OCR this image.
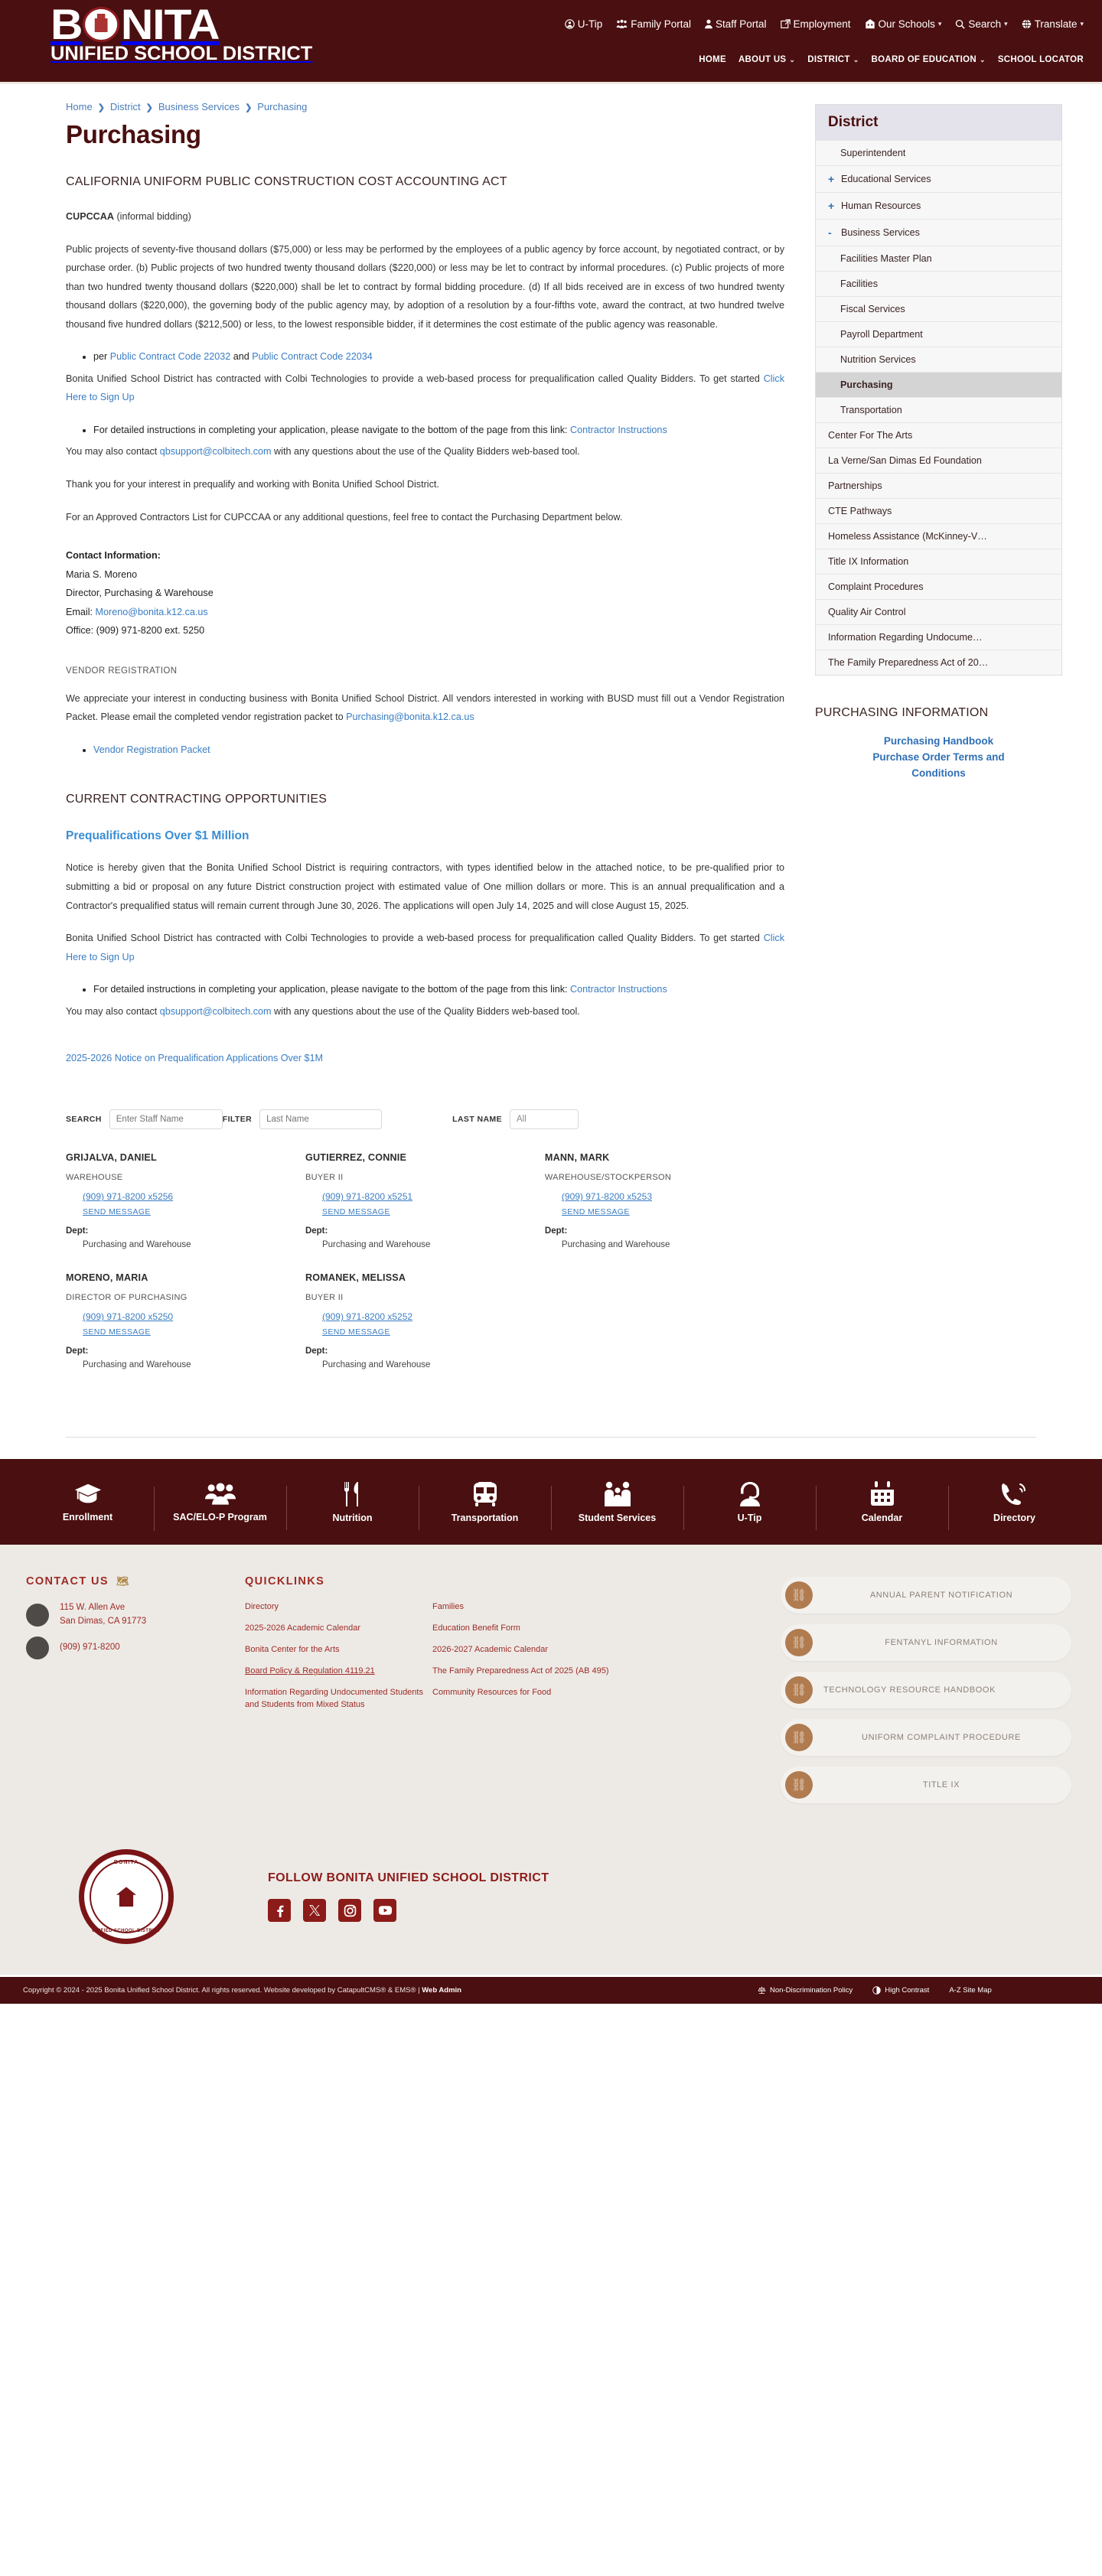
B NITA
UNIFIED SCHOOL DISTRICT
U-Tip	Family Portal Staff Portal	Employment	Our Schools ▾	Search ▾	Translate ▾
HOME ABOUT US ⌄ DISTRICT ⌄ BOARD OF EDUCATION ⌄ SCHOOL LOCATOR
Home ❯ District ❯ Business Services ❯ Purchasing
Purchasing
CALIFORNIA UNIFORM PUBLIC CONSTRUCTION COST ACCOUNTING ACT

CUPCCAA (informal bidding)

Public projects of seventy-five thousand dollars ($75,000) or less may be performed by the employees of a public agency by force account, by negotiated contract, or by purchase order. (b) Public projects of two hundred twenty thousand dollars ($220,000) or less may be let to contract by informal procedures. (c) Public projects of more than two hundred twenty thousand dollars ($220,000) shall be let to contract by formal bidding procedure. (d) If all bids received are in excess of two hundred twenty thousand dollars ($220,000), the governing body of the public agency may, by adoption of a resolution by a four-fifths vote, award the contract, at two hundred twelve thousand five hundred dollars ($212,500) or less, to the lowest responsible bidder, if it determines the cost estimate of the public agency was reasonable.

• per Public Contract Code 22032 and Public Contract Code 22034

Bonita Unified School District has contracted with Colbi Technologies to provide a web-based process for prequalification called Quality Bidders. To get started Click Here to Sign Up

• For detailed instructions in completing your application, please navigate to the bottom of the page from this link: Contractor Instructions

You may also contact qbsupport@colbitech.com with any questions about the use of the Quality Bidders web-based tool.

Thank you for your interest in prequalify and working with Bonita Unified School District.

For an Approved Contractors List for CUPCCAA or any additional questions, feel free to contact the Purchasing Department below.

Contact Information:
Maria S. Moreno
Director, Purchasing & Warehouse
Email: Moreno@bonita.k12.ca.us
Office: (909) 971-8200 ext. 5250
VENDOR REGISTRATION

We appreciate your interest in conducting business with Bonita Unified School District. All vendors interested in working with BUSD must fill out a Vendor Registration Packet. Please email the completed vendor registration packet to Purchasing@bonita.k12.ca.us

• Vendor Registration Packet
CURRENT CONTRACTING OPPORTUNITIES
Prequalifications Over $1 Million

Notice is hereby given that the Bonita Unified School District is requiring contractors, with types identified below in the attached notice, to be pre-qualified prior to submitting a bid or proposal on any future District construction project with estimated value of One million dollars or more. This is an annual prequalification and a Contractor's prequalified status will remain current through June 30, 2026. The applications will open July 14, 2025 and will close August 15, 2025.

Bonita Unified School District has contracted with Colbi Technologies to provide a web-based process for prequalification called Quality Bidders. To get started Click Here to Sign Up

• For detailed instructions in completing your application, please navigate to the bottom of the page from this link: Contractor Instructions

You may also contact qbsupport@colbitech.com with any questions about the use of the Quality Bidders web-based tool.

2025-2026 Notice on Prequalification Applications Over $1M
SEARCH
Enter Staff Name	FILTER
Last Name	LAST NAME
All
GRIJALVA, DANIEL
WAREHOUSE
(909) 971-8200 x5256
SEND MESSAGE
Dept:
Purchasing and Warehouse
GUTIERREZ, CONNIE
BUYER II
(909) 971-8200 x5251
SEND MESSAGE
Dept:
Purchasing and Warehouse
MANN, MARK
WAREHOUSE/STOCKPERSON
(909) 971-8200 x5253
SEND MESSAGE
Dept:
Purchasing and Warehouse
MORENO, MARIA
DIRECTOR OF PURCHASING
(909) 971-8200 x5250
SEND MESSAGE
Dept:
Purchasing and Warehouse
ROMANEK, MELISSA
BUYER II
(909) 971-8200 x5252
SEND MESSAGE
Dept:
Purchasing and Warehouse
District
Superintendent
+ Educational Services
+ Human Resources
- Business Services
Facilities Master Plan
Facilities
Fiscal Services
Payroll Department
Nutrition Services
Purchasing
Transportation
Center For The Arts
La Verne/San Dimas Ed Foundation
Partnerships
CTE Pathways
Homeless Assistance (McKinney-V…
Title IX Information
Complaint Procedures
Quality Air Control
Information Regarding Undocume…
The Family Preparedness Act of 20…
PURCHASING INFORMATION
Purchasing Handbook
Purchase Order Terms and
Conditions
Enrollment	SAC/ELO-P Program	Nutrition	Transportation	Student Services	U-Tip	Calendar	Directory
CONTACT US 🗺
115 W. Allen Ave
San Dimas, CA 91773
(909) 971-8200
QUICKLINKS
Directory
2025-2026 Academic Calendar
Bonita Center for the Arts
Board Policy & Regulation 4119.21
Information Regarding Undocumented Students and Students from Mixed Status
Families
Education Benefit Form
2026-2027 Academic Calendar
The Family Preparedness Act of 2025 (AB 495)
Community Resources for Food
⛓	ANNUAL PARENT NOTIFICATION
⛓	FENTANYL INFORMATION
⛓	TECHNOLOGY RESOURCE HANDBOOK
⛓	UNIFORM COMPLAINT PROCEDURE
⛓	TITLE IX
BONITA
UNIFIED SCHOOL DISTRICT
FOLLOW BONITA UNIFIED SCHOOL DISTRICT
Copyright © 2024 - 2025 Bonita Unified School District. All rights reserved. Website developed by CatapultCMS® & EMS® | Web Admin	Non-Discrimination Policy	High Contrast	A-Z Site Map
